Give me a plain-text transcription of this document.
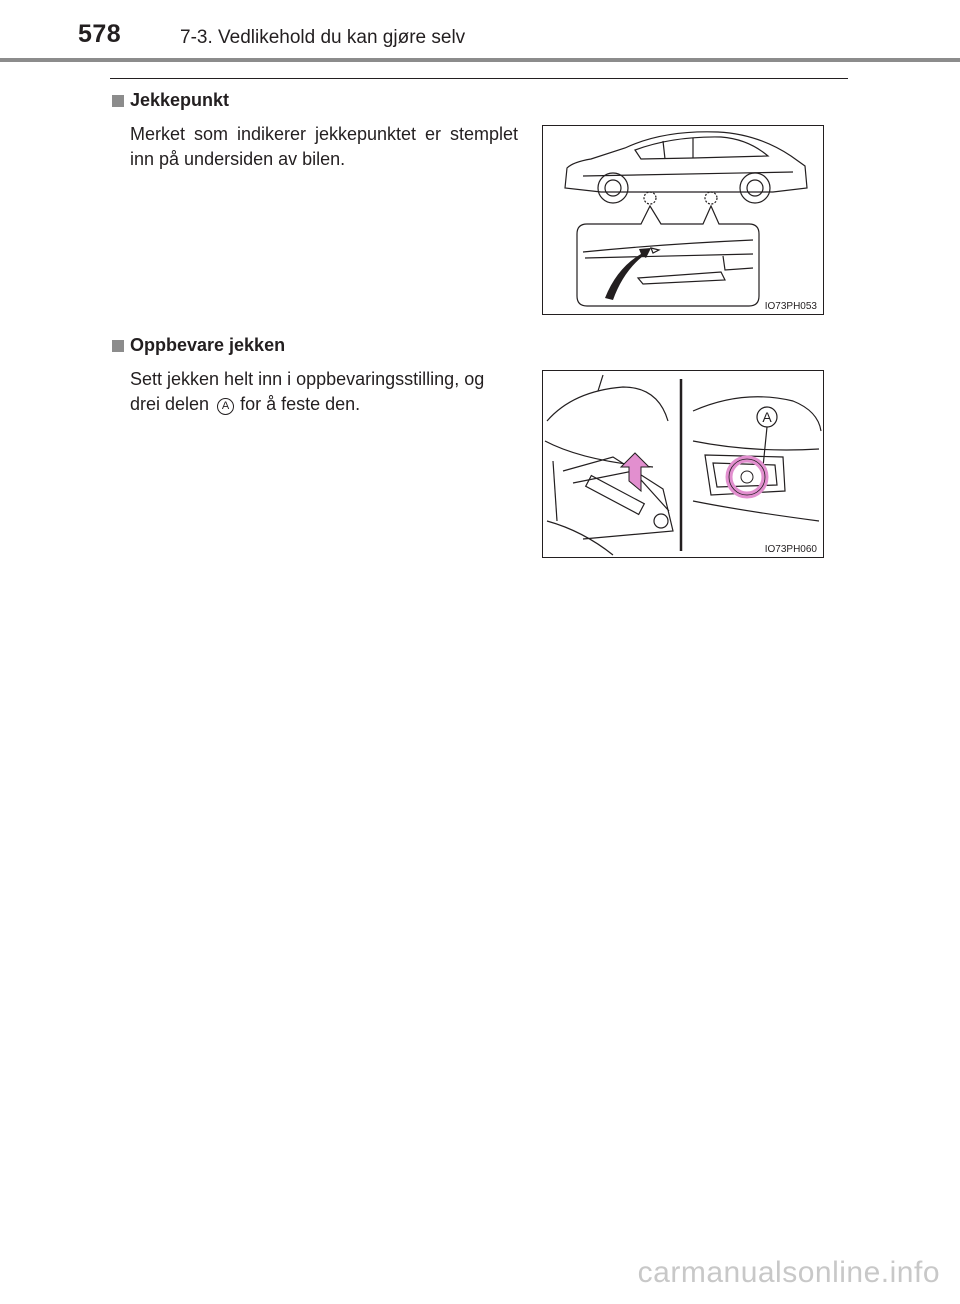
578	7-3. Vedlikehold du kan gjøre selv
Jekkepunkt
Merket som indikerer jekkepunktet er stemplet inn på undersiden av bilen.
IO73PH053
Oppbevare jekken
Sett jekken helt inn i oppbevaringsstilling, og drei delen A for å feste den.
A
IO73PH060
carmanualsonline.info
